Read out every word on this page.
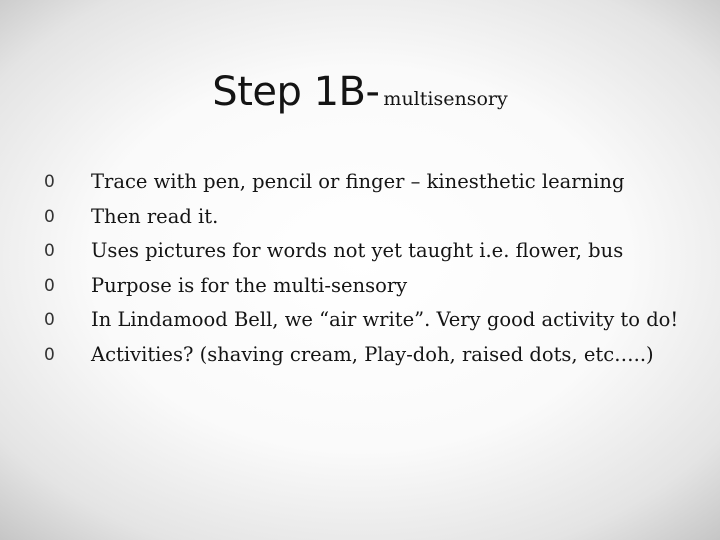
Step 1B- multisensory
0 Trace with pen, pencil or finger – kinesthetic learning
0 Then read it.
0 Uses pictures for words not yet taught i.e. flower, bus
0 Purpose is for the multi-sensory
0 In Lindamood Bell, we “air write”. Very good activity to do!
0 Activities? (shaving cream, Play-doh, raised dots, etc…..)
